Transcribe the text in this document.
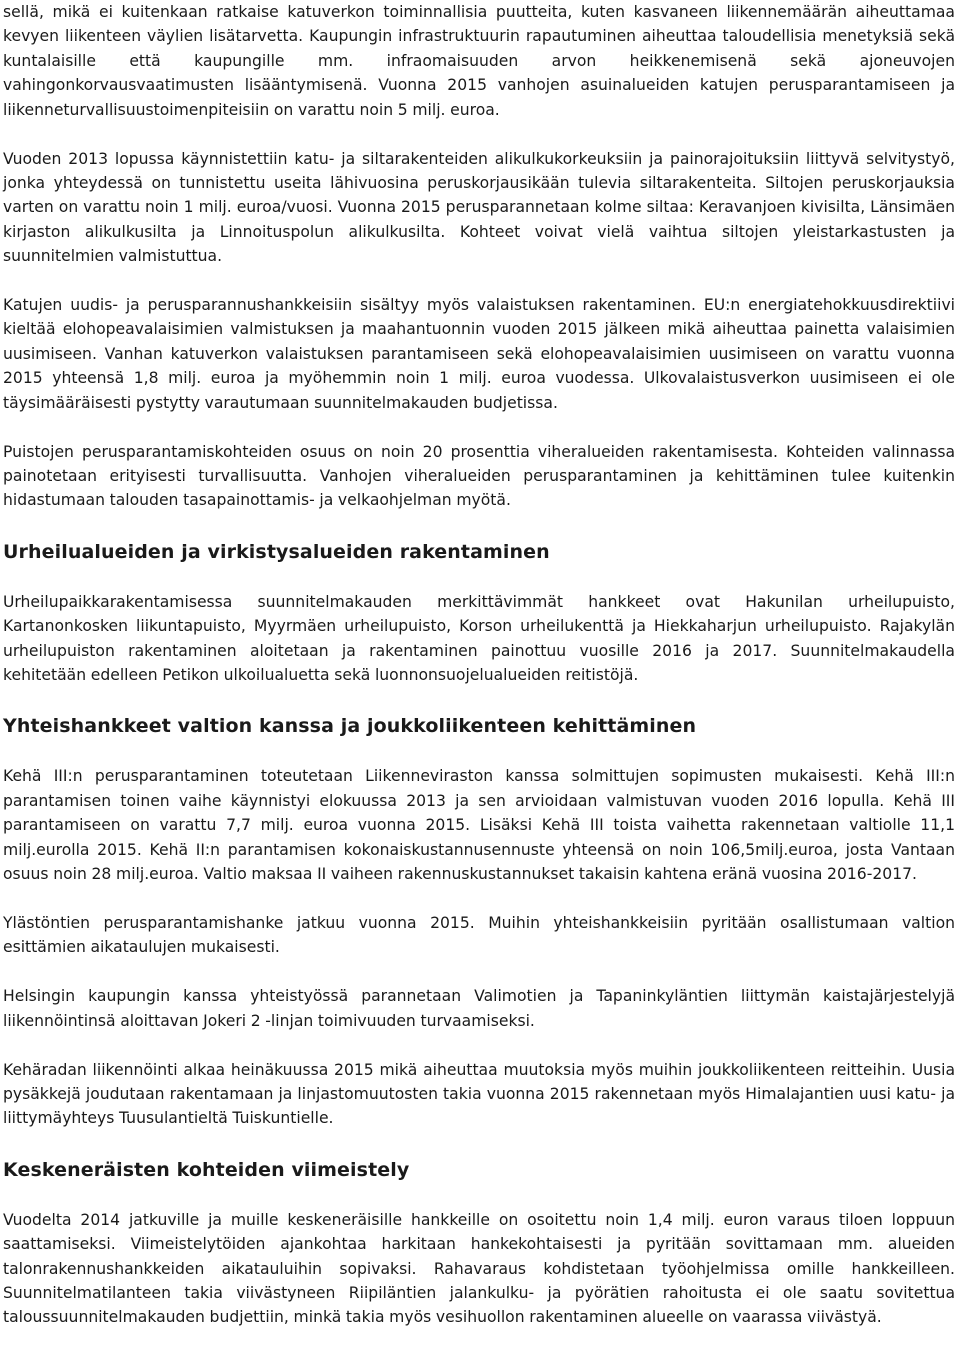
sellä, mikä ei kuitenkaan ratkaise katuverkon toiminnallisia puutteita, kuten kasvaneen liikennemäärän aiheuttamaa kevyen liikenteen väylien lisätarvetta. Kaupungin infrastruktuurin rapautuminen aiheuttaa taloudellisia menetyksiä sekä kuntalaisille että kaupungille mm. infraomaisuuden arvon heikkenemisenä sekä ajoneuvojen vahingonkorvausvaatimusten lisääntymisenä. Vuonna 2015 vanhojen asuinalueiden katujen perusparantamiseen ja liikenneturvallisuustoimenpiteisiin on varattu noin 5 milj. euroa.

Vuoden 2013 lopussa käynnistettiin katu- ja siltarakenteiden alikulkukorkeuksiin ja painorajoituksiin liittyvä selvitystyö, jonka yhteydessä on tunnistettu useita lähivuosina peruskorjausikään tulevia siltarakenteita. Siltojen peruskorjauksia varten on varattu noin 1 milj. euroa/vuosi. Vuonna 2015 perusparannetaan kolme siltaa: Keravanjoen kivisilta, Länsimäen kirjaston alikulkusilta ja Linnoituspolun alikulkusilta. Kohteet voivat vielä vaihtua siltojen yleistarkastusten ja suunnitelmien valmistuttua.

Katujen uudis- ja perusparannushankkeisiin sisältyy myös valaistuksen rakentaminen. EU:n energiatehokkuusdirektiivi kieltää elohopeavalaisimien valmistuksen ja maahantuonnin vuoden 2015 jälkeen mikä aiheuttaa painetta valaisimien uusimiseen. Vanhan katuverkon valaistuksen parantamiseen sekä elohopeavalaisimien uusimiseen on varattu vuonna 2015 yhteensä 1,8 milj. euroa ja myöhemmin noin 1 milj. euroa vuodessa. Ulkovalaistusverkon uusimiseen ei ole täysimääräisesti pystytty varautumaan suunnitelmakauden budjetissa.

Puistojen perusparantamiskohteiden osuus on noin 20 prosenttia viheralueiden rakentamisesta. Kohteiden valinnassa painotetaan erityisesti turvallisuutta. Vanhojen viheralueiden perusparantaminen ja kehittäminen tulee kuitenkin hidastumaan talouden tasapainottamis- ja velkaohjelman myötä.

Urheilualueiden ja virkistysalueiden rakentaminen

Urheilupaikkarakentamisessa suunnitelmakauden merkittävimmät hankkeet ovat Hakunilan urheilupuisto, Kartanonkosken liikuntapuisto, Myyrmäen urheilupuisto, Korson urheilukenttä ja Hiekkaharjun urheilupuisto. Rajakylän urheilupuiston rakentaminen aloitetaan ja rakentaminen painottuu vuosille 2016 ja 2017. Suunnitelmakaudella kehitetään edelleen Petikon ulkoilualuetta sekä luonnonsuojelualueiden reitistöjä.

Yhteishankkeet valtion kanssa ja joukkoliikenteen kehittäminen

Kehä III:n perusparantaminen toteutetaan Liikenneviraston kanssa solmittujen sopimusten mukaisesti. Kehä III:n parantamisen toinen vaihe käynnistyi elokuussa 2013 ja sen arvioidaan valmistuvan vuoden 2016 lopulla. Kehä III parantamiseen on varattu 7,7 milj. euroa vuonna 2015. Lisäksi Kehä III toista vaihetta rakennetaan valtiolle 11,1 milj.eurolla 2015. Kehä II:n parantamisen kokonaiskustannusennuste yhteensä on noin 106,5milj.euroa, josta Vantaan osuus noin 28 milj.euroa. Valtio maksaa II vaiheen rakennuskustannukset takaisin kahtena eränä vuosina 2016-2017.

Ylästöntien perusparantamishanke jatkuu vuonna 2015. Muihin yhteishankkeisiin pyritään osallistumaan valtion esittämien aikataulujen mukaisesti.

Helsingin kaupungin kanssa yhteistyössä parannetaan Valimotien ja Tapaninkyläntien liittymän kaistajärjestelyjä liikennöintinsä aloittavan Jokeri 2 -linjan toimivuuden turvaamiseksi.

Kehäradan liikennöinti alkaa heinäkuussa 2015 mikä aiheuttaa muutoksia myös muihin joukkoliikenteen reitteihin. Uusia pysäkkejä joudutaan rakentamaan ja linjastomuutosten takia vuonna 2015 rakennetaan myös Himalajantien uusi katu- ja liittymäyhteys Tuusulantieltä Tuiskuntielle.

Keskeneräisten kohteiden viimeistely

Vuodelta 2014 jatkuville ja muille keskeneräisille hankkeille on osoitettu noin 1,4 milj. euron varaus tiloen loppuun saattamiseksi. Viimeistelytöiden ajankohtaa harkitaan hankekohtaisesti ja pyritään sovittamaan mm. alueiden talonrakennushankkeiden aikatauluihin sopivaksi. Rahavaraus kohdistetaan työohjelmissa omille hankkeilleen. Suunnitelmatilanteen takia viivästyneen Riipiläntien jalankulku- ja pyörätien rahoitusta ei ole saatu sovitettua taloussuunnitelmakauden budjettiin, minkä takia myös vesihuollon rakentaminen alueelle on vaarassa viivästyä.
